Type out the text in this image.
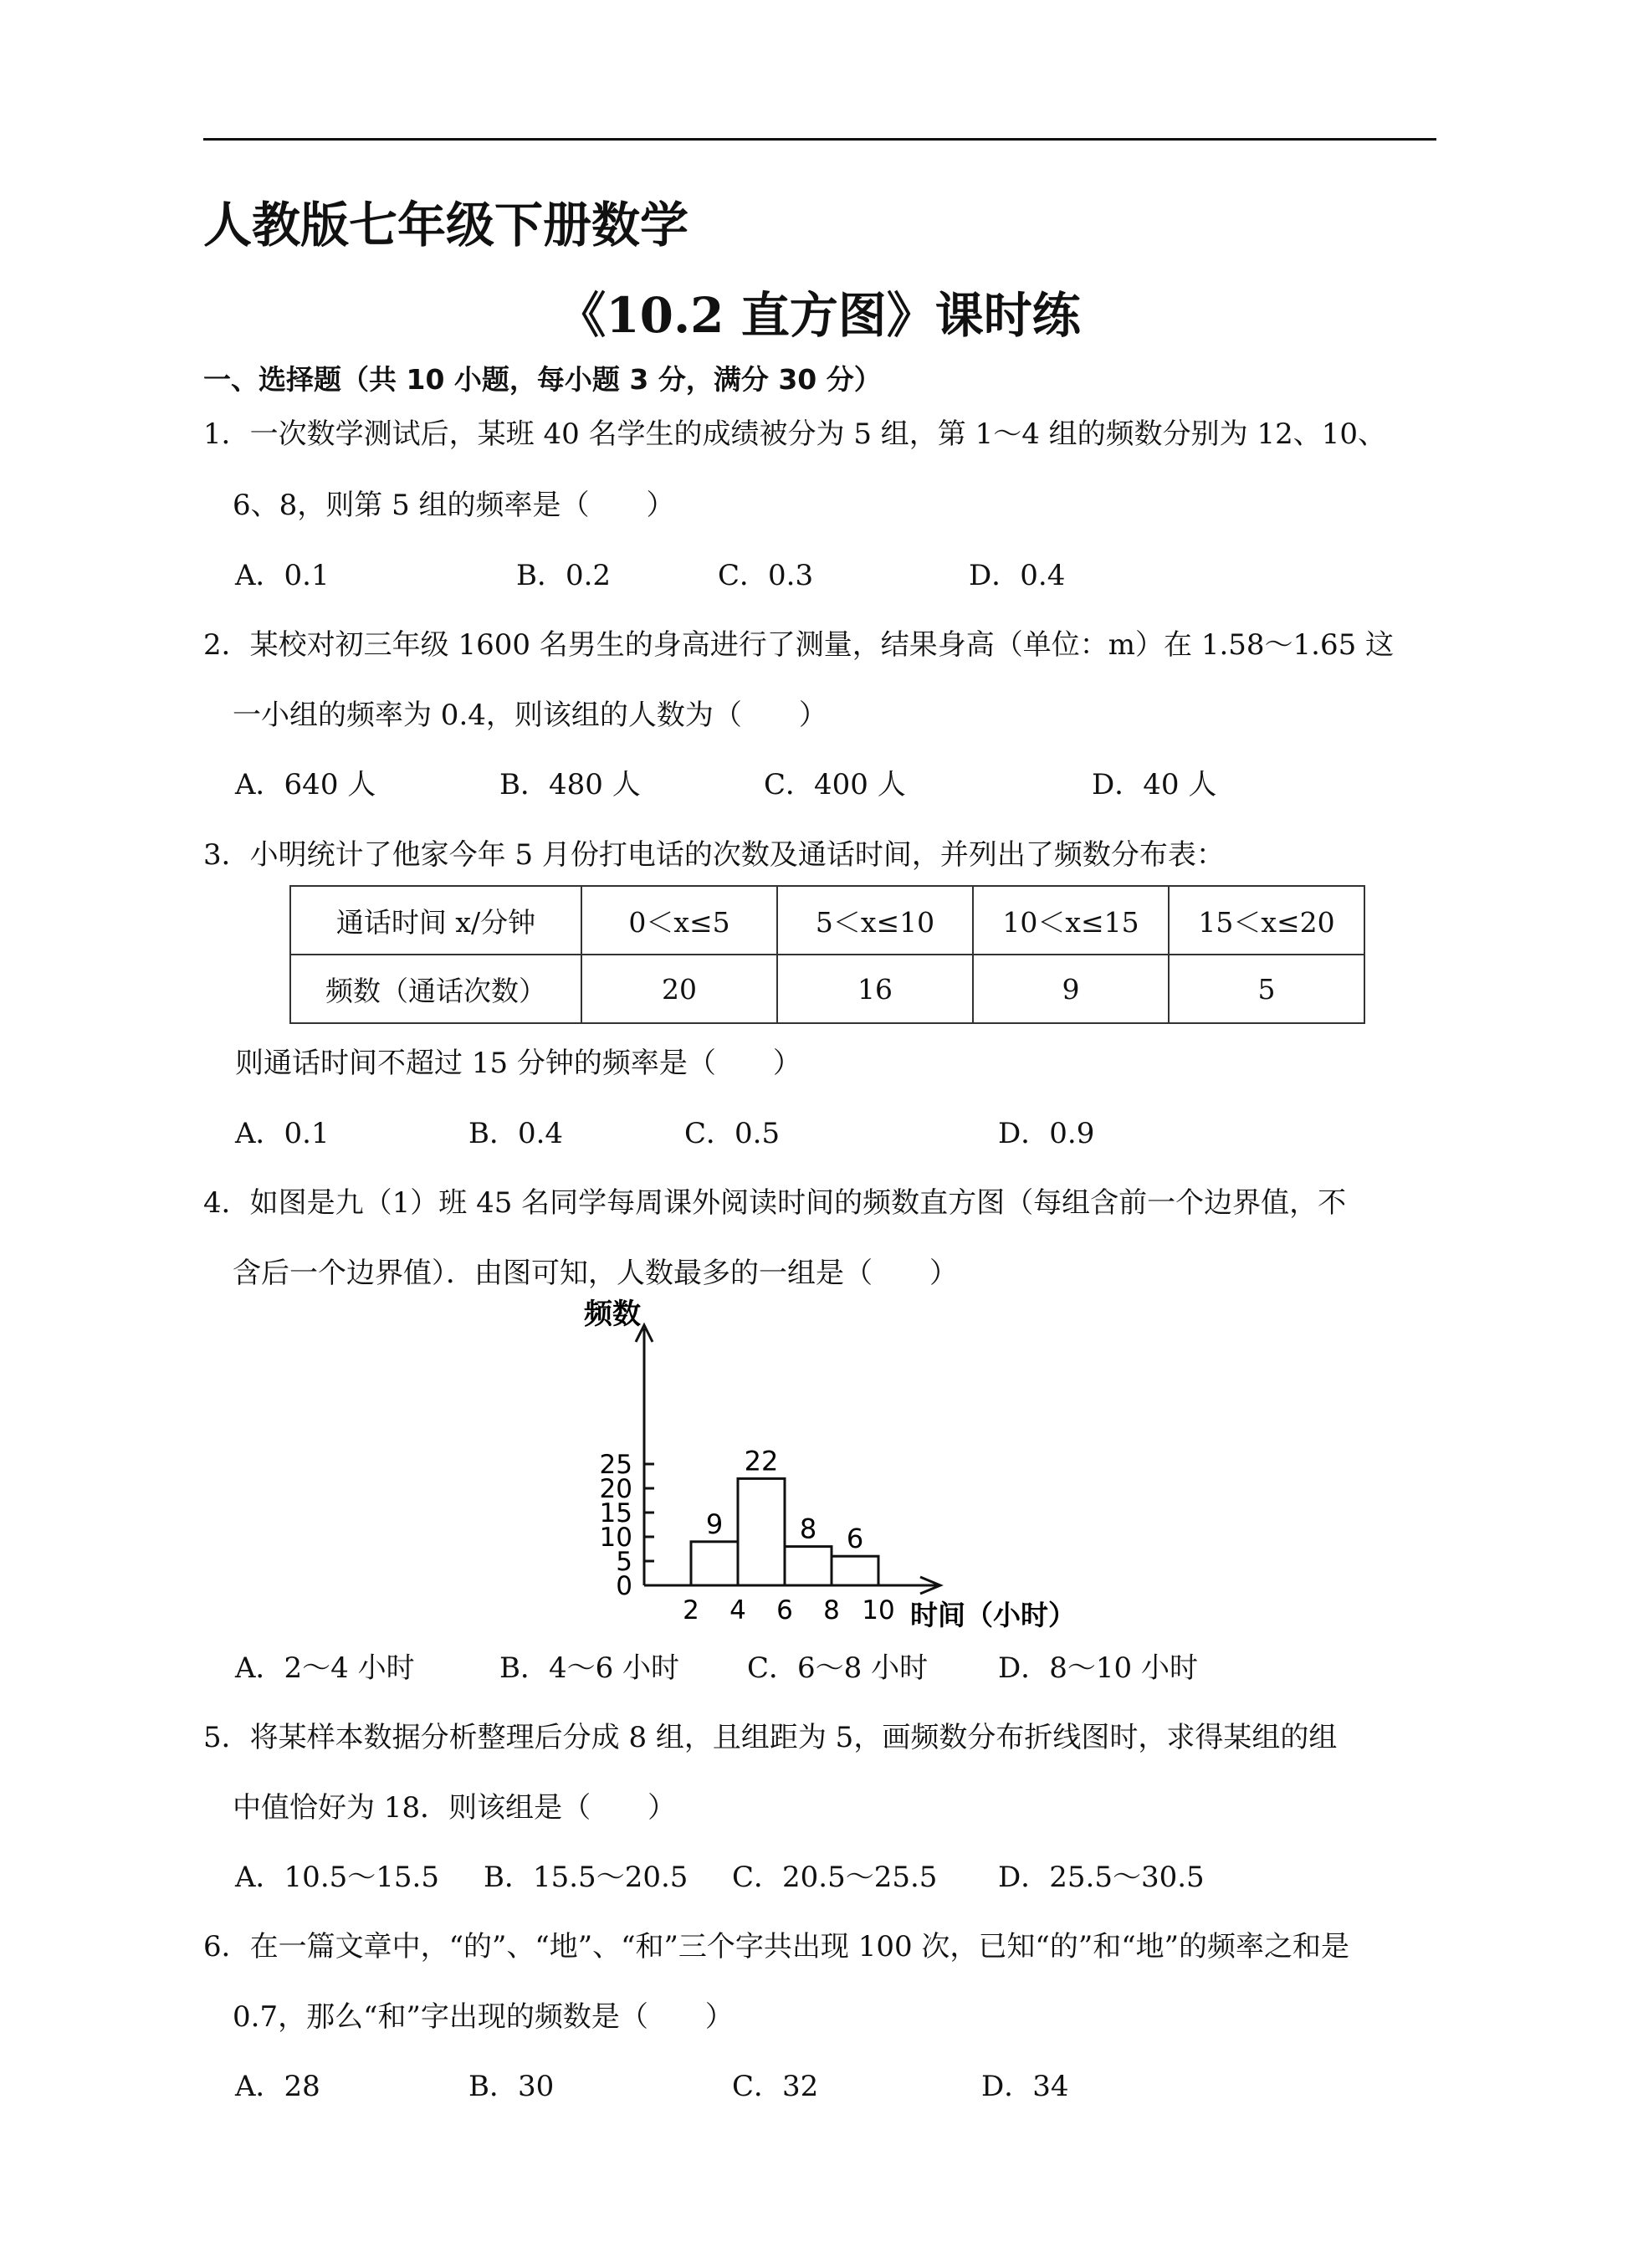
人教版七年级下册数学
《10.2 直方图》课时练
一、选择题（共 10 小题，每小题 3 分，满分 30 分）
1．一次数学测试后，某班 40 名学生的成绩被分为 5 组，第 1～4 组的频数分别为 12、10、
6、8，则第 5 组的频率是（　　）
A．0.1	B．0.2	C．0.3	D．0.4
2．某校对初三年级 1600 名男生的身高进行了测量，结果身高（单位：m）在 1.58～1.65 这
一小组的频率为 0.4，则该组的人数为（　　）
A．640 人	B．480 人	C．400 人	D．40 人
3．小明统计了他家今年 5 月份打电话的次数及通话时间，并列出了频数分布表：
通话时间 x/分钟	0＜x≤5	5＜x≤10	10＜x≤15	15＜x≤20
频数（通话次数）	20	16	9	5
则通话时间不超过 15 分钟的频率是（　　）
A．0.1	B．0.4	C．0.5	D．0.9
4．如图是九（1）班 45 名同学每周课外阅读时间的频数直方图（每组含前一个边界值，不
含后一个边界值）．由图可知，人数最多的一组是（　　）
频数
时间（小时）
0
5
10
15
20
25
2 4 6 8 10
9
22
8 6
A．2～4 小时	B．4～6 小时 C．6～8 小时 D．8～10 小时
5．将某样本数据分析整理后分成 8 组，且组距为 5，画频数分布折线图时，求得某组的组
中值恰好为 18．则该组是（　　）
A．10.5～15.5 B．15.5～20.5 C．20.5～25.5 D．25.5～30.5
6．在一篇文章中，“的”、“地”、“和”三个字共出现 100 次，已知“的”和“地”的频率之和是
0.7，那么“和”字出现的频数是（　　）
A．28	B．30	C．32	D．34
